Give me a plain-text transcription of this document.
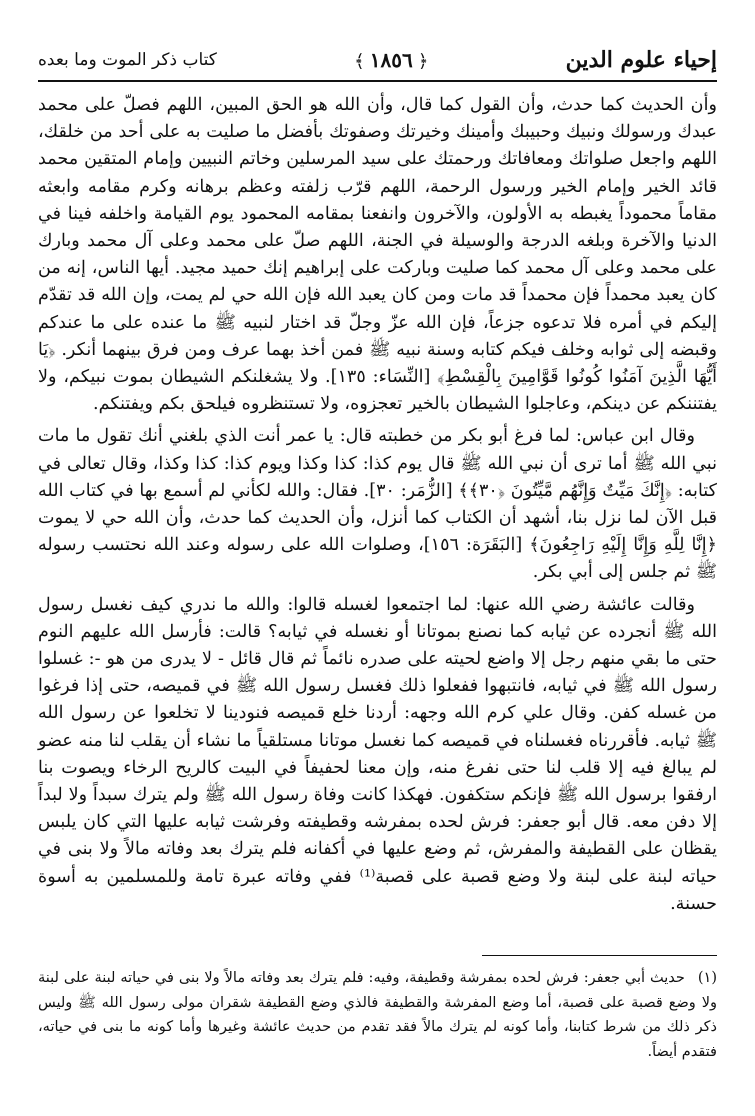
إحياء علوم الدين
﴿ ١٨٥٦ ﴾
كتاب ذكر الموت وما بعده

وأن الحديث كما حدث، وأن القول كما قال، وأن الله هو الحق المبين، اللهم فصلّ على محمد عبدك ورسولك ونبيك وحبيبك وأمينك وخيرتك وصفوتك بأفضل ما صليت به على أحد من خلقك، اللهم واجعل صلواتك ومعافاتك ورحمتك على سيد المرسلين وخاتم النبيين وإمام المتقين محمد قائد الخير وإمام الخير ورسول الرحمة، اللهم قرّب زلفته وعظم برهانه وكرم مقامه وابعثه مقاماً محموداً يغبطه به الأولون، والآخرون وانفعنا بمقامه المحمود يوم القيامة واخلفه فينا في الدنيا والآخرة وبلغه الدرجة والوسيلة في الجنة، اللهم صلّ على محمد وعلى آل محمد وبارك على محمد وعلى آل محمد كما صليت وباركت على إبراهيم إنك حميد مجيد. أيها الناس، إنه من كان يعبد محمداً فإن محمداً قد مات ومن كان يعبد الله فإن الله حي لم يمت، وإن الله قد تقدّم إليكم في أمره فلا تدعوه جزعاً، فإن الله عزّ وجلّ قد اختار لنبيه ﷺ ما عنده على ما عندكم وقبضه إلى ثوابه وخلف فيكم كتابه وسنة نبيه ﷺ فمن أخذ بهما عرف ومن فرق بينهما أنكر. ﴿يَا أَيُّهَا الَّذِينَ آمَنُوا كُونُوا قَوَّامِينَ بِالْقِسْطِ﴾ [النِّسَاء: ١٣٥]. ولا يشغلنكم الشيطان بموت نبيكم، ولا يفتننكم عن دينكم، وعاجلوا الشيطان بالخير تعجزوه، ولا تستنظروه فيلحق بكم ويفتنكم.

وقال ابن عباس: لما فرغ أبو بكر من خطبته قال: يا عمر أنت الذي بلغني أنك تقول ما مات نبي الله ﷺ أما ترى أن نبي الله ﷺ قال يوم كذا: كذا وكذا ويوم كذا: كذا وكذا، وقال تعالى في كتابه: ﴿إِنَّكَ مَيِّتٌ وَإِنَّهُم مَّيِّتُونَ ﴿٣٠﴾﴾ [الزُّمَر: ٣٠]. فقال: والله لكأني لم أسمع بها في كتاب الله قبل الآن لما نزل بنا، أشهد أن الكتاب كما أنزل، وأن الحديث كما حدث، وأن الله حي لا يموت ﴿إِنَّا لِلَّهِ وَإِنَّا إِلَيْهِ رَاجِعُونَ﴾ [البَقَرَة: ١٥٦]، وصلوات الله على رسوله وعند الله نحتسب رسوله ﷺ ثم جلس إلى أبي بكر.

وقالت عائشة رضي الله عنها: لما اجتمعوا لغسله قالوا: والله ما ندري كيف نغسل رسول الله ﷺ أنجرده عن ثيابه كما نصنع بموتانا أو نغسله في ثيابه؟ قالت: فأرسل الله عليهم النوم حتى ما بقي منهم رجل إلا واضع لحيته على صدره نائماً ثم قال قائل - لا يدرى من هو -: غسلوا رسول الله ﷺ في ثيابه، فانتبهوا ففعلوا ذلك فغسل رسول الله ﷺ في قميصه، حتى إذا فرغوا من غسله كفن. وقال علي كرم الله وجهه: أردنا خلع قميصه فنودينا لا تخلعوا عن رسول الله ﷺ ثيابه. فأقررناه فغسلناه في قميصه كما نغسل موتانا مستلقياً ما نشاء أن يقلب لنا منه عضو لم يبالغ فيه إلا قلب لنا حتى نفرغ منه، وإن معنا لحفيفاً في البيت كالريح الرخاء ويصوت بنا ارفقوا برسول الله ﷺ فإنكم ستكفون. فهكذا كانت وفاة رسول الله ﷺ ولم يترك سبداً ولا لبداً إلا دفن معه. قال أبو جعفر: فرش لحده بمفرشه وقطيفته وفرشت ثيابه عليها التي كان يلبس يقظان على القطيفة والمفرش، ثم وضع عليها في أكفانه فلم يترك بعد وفاته مالاً ولا بنى في حياته لبنة على لبنة ولا وضع قصبة على قصبة⁽¹⁾ ففي وفاته عبرة تامة وللمسلمين به أسوة حسنة.

(١) حديث أبي جعفر: فرش لحده بمفرشة وقطيفة، وفيه: فلم يترك بعد وفاته مالاً ولا بنى في حياته لبنة على لبنة ولا وضع قصبة على قصبة، أما وضع المفرشة والقطيفة فالذي وضع القطيفة شقران مولى رسول الله ﷺ وليس ذكر ذلك من شرط كتابنا، وأما كونه لم يترك مالاً فقد تقدم من حديث عائشة وغيرها وأما كونه ما بنى في حياته، فتقدم أيضاً.
